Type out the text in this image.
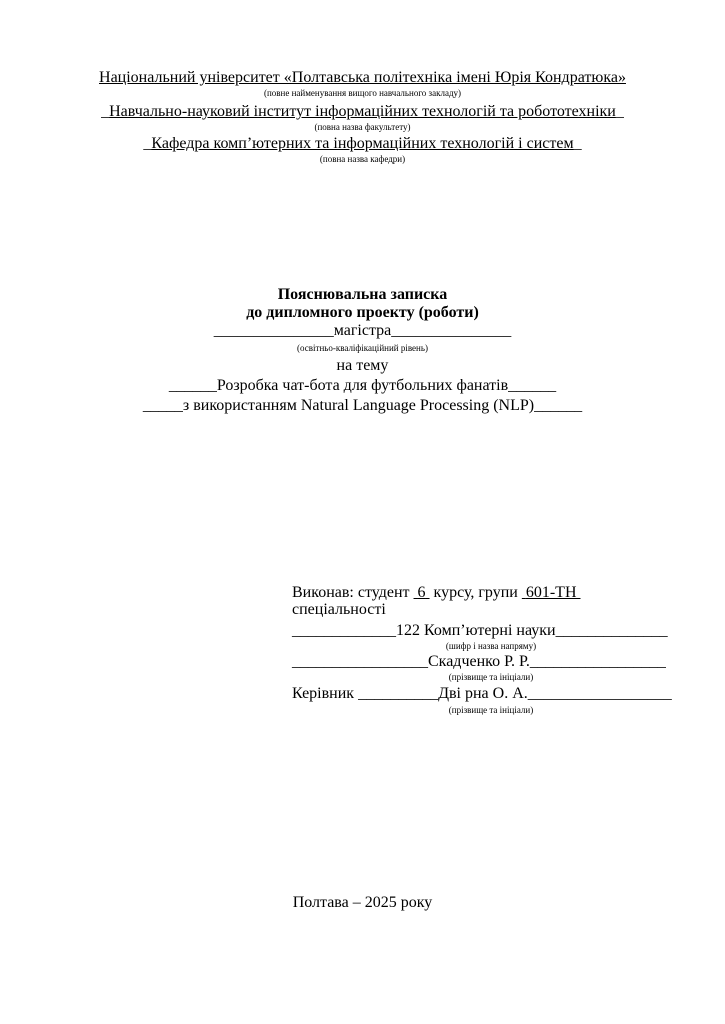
Національний університет «Полтавська політехніка імені Юрія Кондратюка»
(повне найменування вищого навчального закладу)
_Навчально-науковий інститут інформаційних технологій та робототехніки_
(повна назва факультету)
_Кафедра комп’ютерних та інформаційних технологій і систем_
(повна назва кафедри)
Пояснювальна записка
до дипломного проекту (роботи)
_______________магістра_______________
(освітньо-кваліфікаційний рівень)
на тему
______Розробка чат-бота для футбольних фанатів______
_____з використанням Natural Language Processing (NLP)______
Виконав: студент  6  курсу, групи  601-ТН
спеціальності
_____________122 Комп’ютерні науки______________
(шифр і назва напряму)
_________________Скадченко Р. Р._________________
(прізвище та ініціали)
Керівник __________Дві рна О. А.__________________
(прізвище та ініціали)
Полтава – 2025 року
